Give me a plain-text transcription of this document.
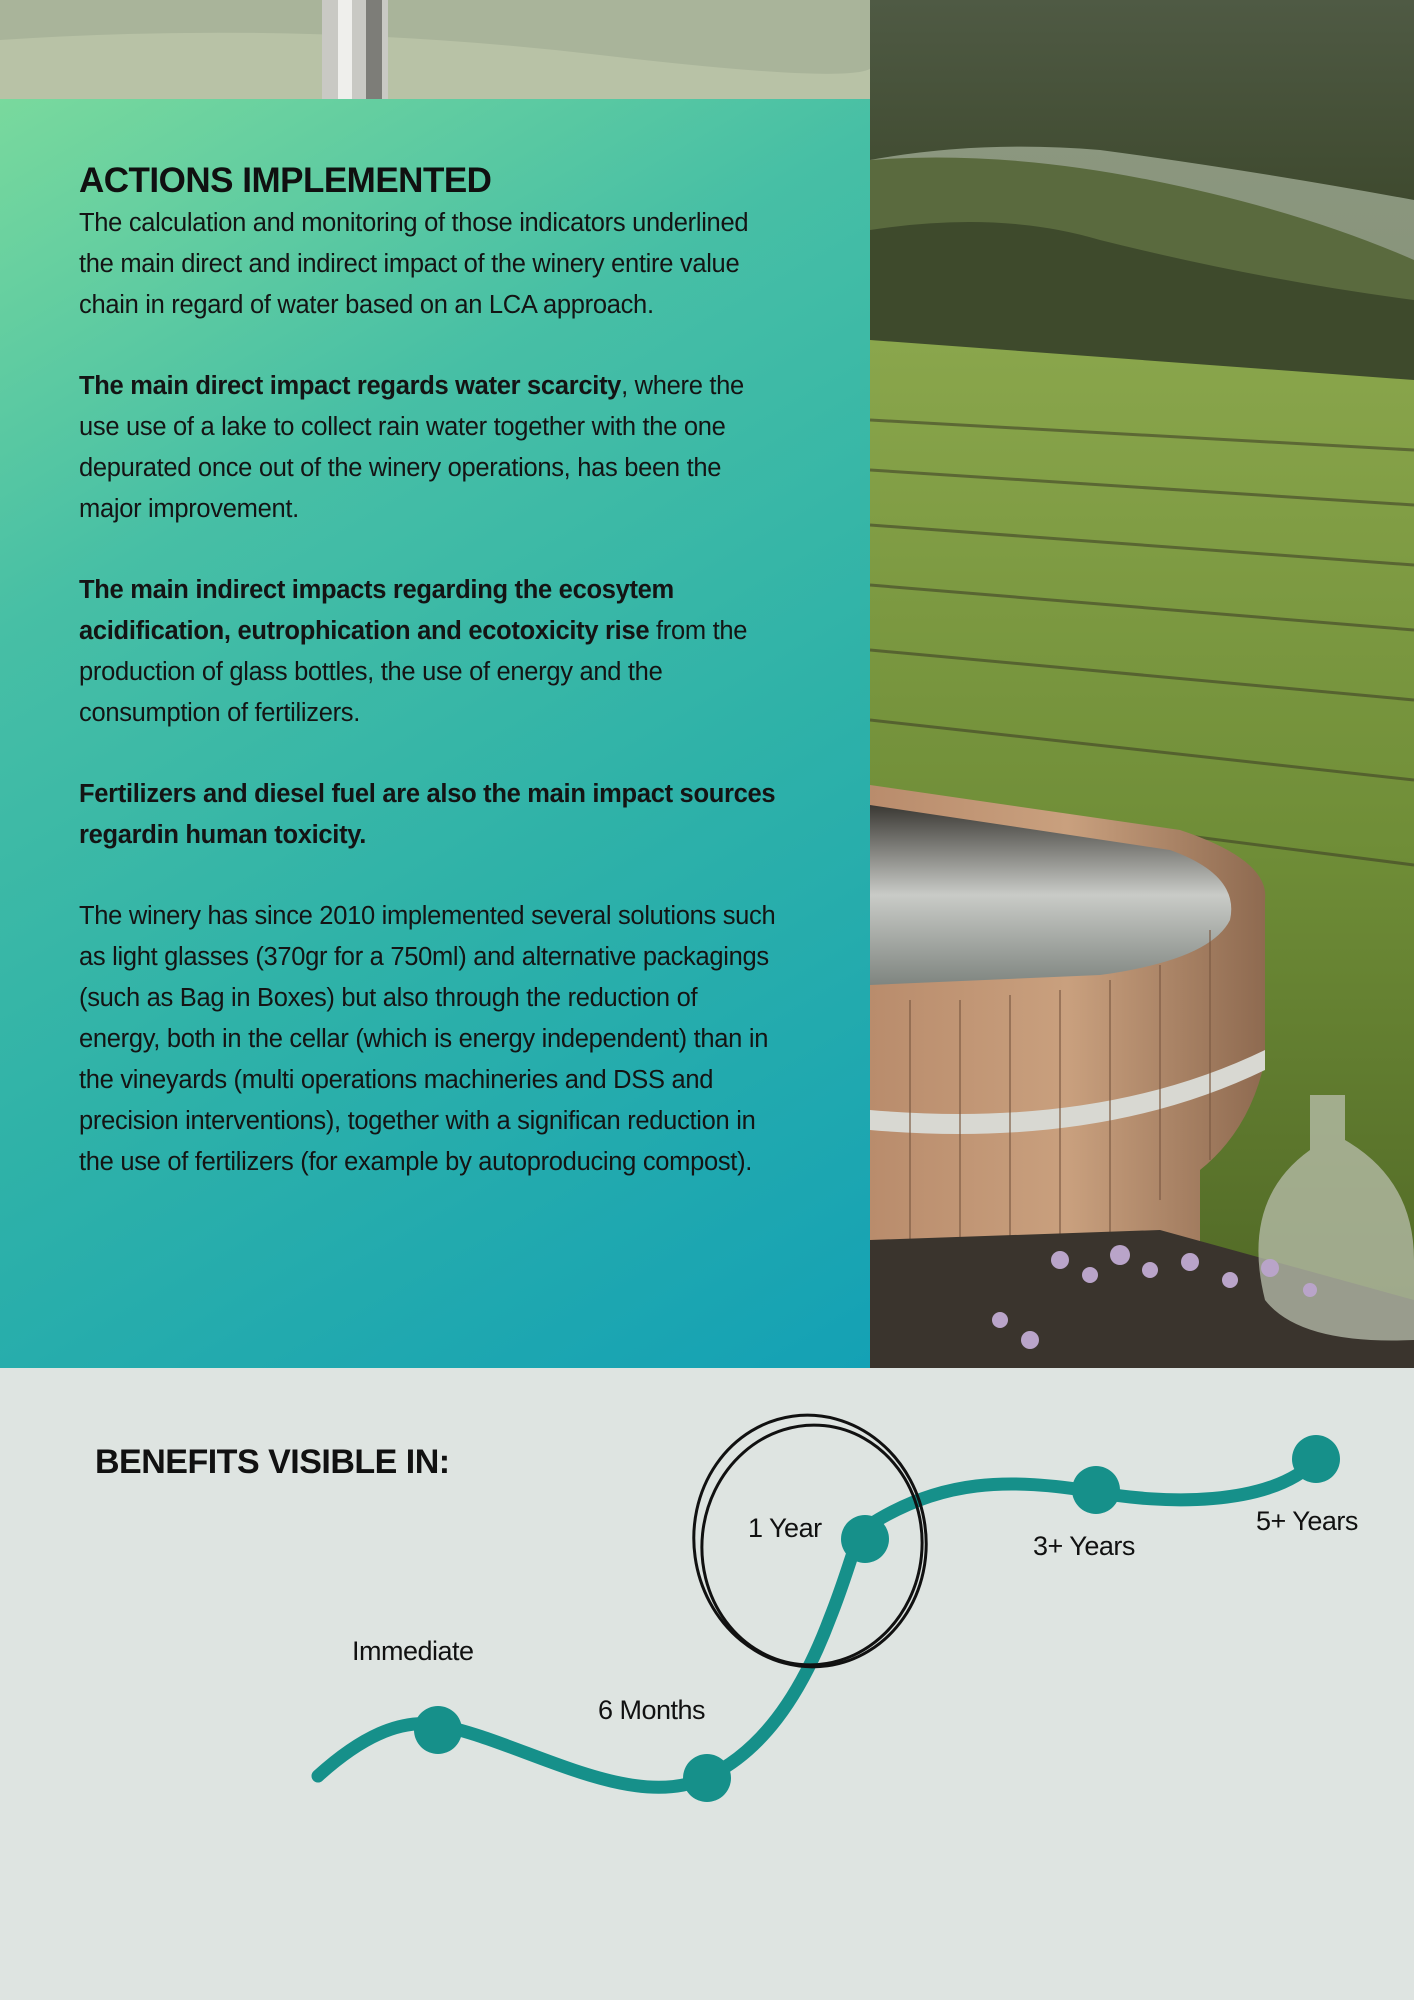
ACTIONS IMPLEMENTED

The calculation and monitoring of those indicators underlined the main direct and indirect impact of the winery entire value chain in regard of water based on an LCA approach.

The main direct impact regards water scarcity, where the use use of a lake to collect rain water together with the one depurated once out of the winery operations, has been the major improvement.

The main indirect impacts regarding the ecosytem acidification, eutrophication and ecotoxicity rise from the production of glass bottles, the use of energy and the consumption of fertilizers.

Fertilizers and diesel fuel are also the main impact sources regardin human toxicity.

The winery has since 2010 implemented several solutions such as light glasses (370gr for a 750ml) and alternative packagings (such as Bag in Boxes) but also through the reduction of energy, both in the cellar (which is energy independent) than in the vineyards (multi operations machineries and DSS and precision interventions), together with a significan reduction in the use of fertilizers (for example by autoproducing compost).

BENEFITS VISIBLE IN:
Immediate
6 Months
1 Year
3+ Years
5+ Years
